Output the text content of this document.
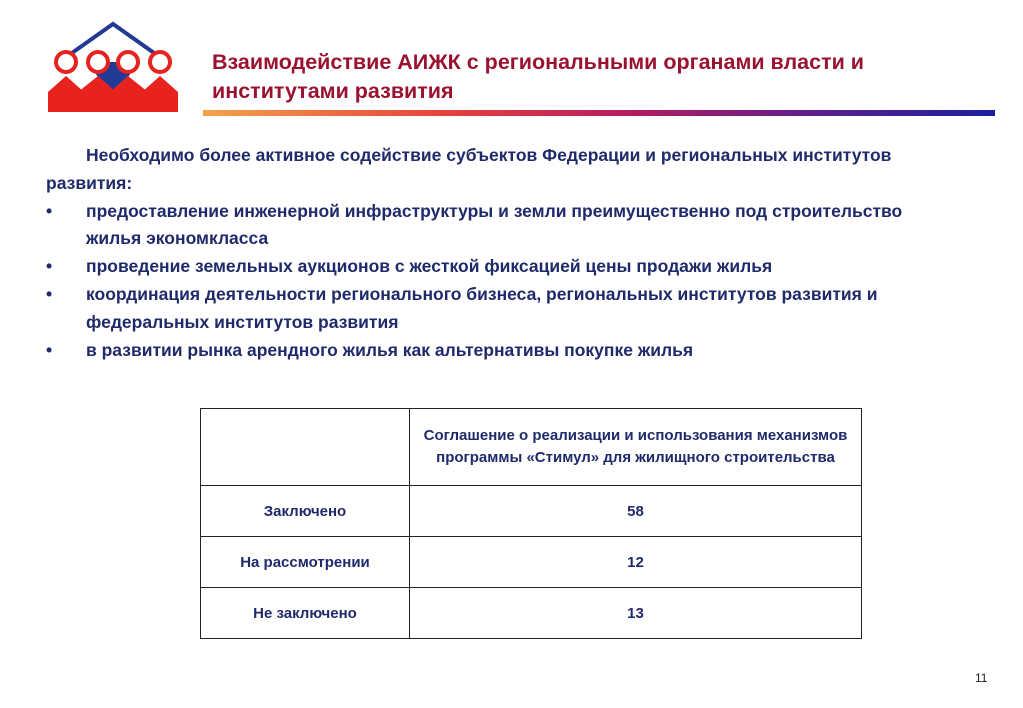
Взаимодействие АИЖК с региональными органами власти и институтами развития

Необходимо более активное содействие субъектов Федерации и региональных институтов развития:

• предоставление инженерной инфраструктуры и земли преимущественно под строительство жилья экономкласса

• проведение земельных аукционов с жесткой фиксацией цены продажи жилья

• координация деятельности регионального бизнеса, региональных институтов развития и федеральных институтов развития

• в развитии рынка арендного жилья как альтернативы покупке жилья

	Соглашение о реализации и использования механизмов программы «Стимул» для жилищного строительства
Заключено	58
На рассмотрении	12
Не заключено	13
11
